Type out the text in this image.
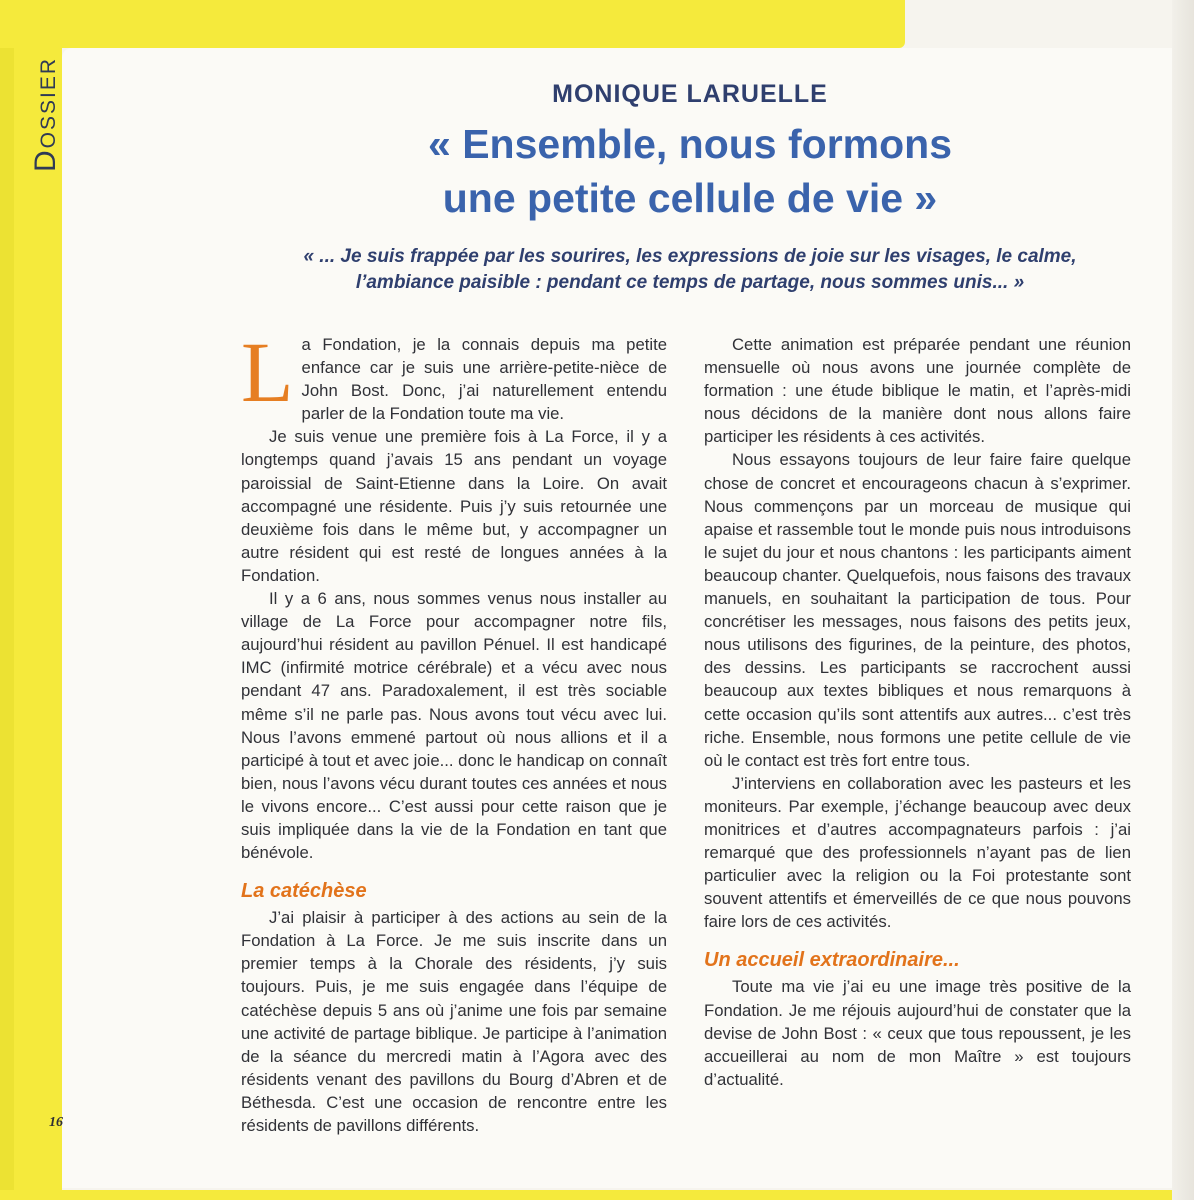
Dossier
16
MONIQUE LARUELLE
« Ensemble, nous formons
une petite cellule de vie »
« ... Je suis frappée par les sourires, les expressions de joie sur les visages, le calme,
l’ambiance paisible : pendant ce temps de partage, nous sommes unis... »

La Fondation, je la connais depuis ma petite enfance car je suis une arrière-petite-nièce de John Bost. Donc, j’ai naturellement entendu parler de la Fondation toute ma vie.

Je suis venue une première fois à La Force, il y a longtemps quand j’avais 15 ans pendant un voyage paroissial de Saint-Etienne dans la Loire. On avait accompagné une résidente. Puis j’y suis retournée une deuxième fois dans le même but, y accompagner un autre résident qui est resté de longues années à la Fondation.

Il y a 6 ans, nous sommes venus nous installer au village de La Force pour accompagner notre fils, aujourd’hui résident au pavillon Pénuel. Il est handicapé IMC (infirmité motrice cérébrale) et a vécu avec nous pendant 47 ans. Paradoxalement, il est très sociable même s’il ne parle pas. Nous avons tout vécu avec lui. Nous l’avons emmené partout où nous allions et il a participé à tout et avec joie... donc le handicap on connaît bien, nous l’avons vécu durant toutes ces années et nous le vivons encore... C’est aussi pour cette raison que je suis impliquée dans la vie de la Fondation en tant que bénévole.

La catéchèse

J’ai plaisir à participer à des actions au sein de la Fondation à La Force. Je me suis inscrite dans un premier temps à la Chorale des résidents, j’y suis toujours. Puis, je me suis engagée dans l’équipe de catéchèse depuis 5 ans où j’anime une fois par semaine une activité de partage biblique. Je participe à l’animation de la séance du mercredi matin à l’Agora avec des résidents venant des pavillons du Bourg d’Abren et de Béthesda. C’est une occasion de rencontre entre les résidents de pavillons différents.

Cette animation est préparée pendant une réunion mensuelle où nous avons une journée complète de formation : une étude biblique le matin, et l’après-midi nous décidons de la manière dont nous allons faire participer les résidents à ces activités.

Nous essayons toujours de leur faire faire quelque chose de concret et encourageons chacun à s’exprimer. Nous commençons par un morceau de musique qui apaise et rassemble tout le monde puis nous introduisons le sujet du jour et nous chantons : les participants aiment beaucoup chanter. Quelquefois, nous faisons des travaux manuels, en souhaitant la participation de tous. Pour concrétiser les messages, nous faisons des petits jeux, nous utilisons des figurines, de la peinture, des photos, des dessins. Les participants se raccrochent aussi beaucoup aux textes bibliques et nous remarquons à cette occasion qu’ils sont attentifs aux autres... c’est très riche. Ensemble, nous formons une petite cellule de vie où le contact est très fort entre tous.

J’interviens en collaboration avec les pasteurs et les moniteurs. Par exemple, j’échange beaucoup avec deux monitrices et d’autres accompagnateurs parfois : j’ai remarqué que des professionnels n’ayant pas de lien particulier avec la religion ou la Foi protestante sont souvent attentifs et émerveillés de ce que nous pouvons faire lors de ces activités.

Un accueil extraordinaire...

Toute ma vie j’ai eu une image très positive de la Fondation. Je me réjouis aujourd’hui de constater que la devise de John Bost : « ceux que tous repoussent, je les accueillerai au nom de mon Maître » est toujours d’actualité.
